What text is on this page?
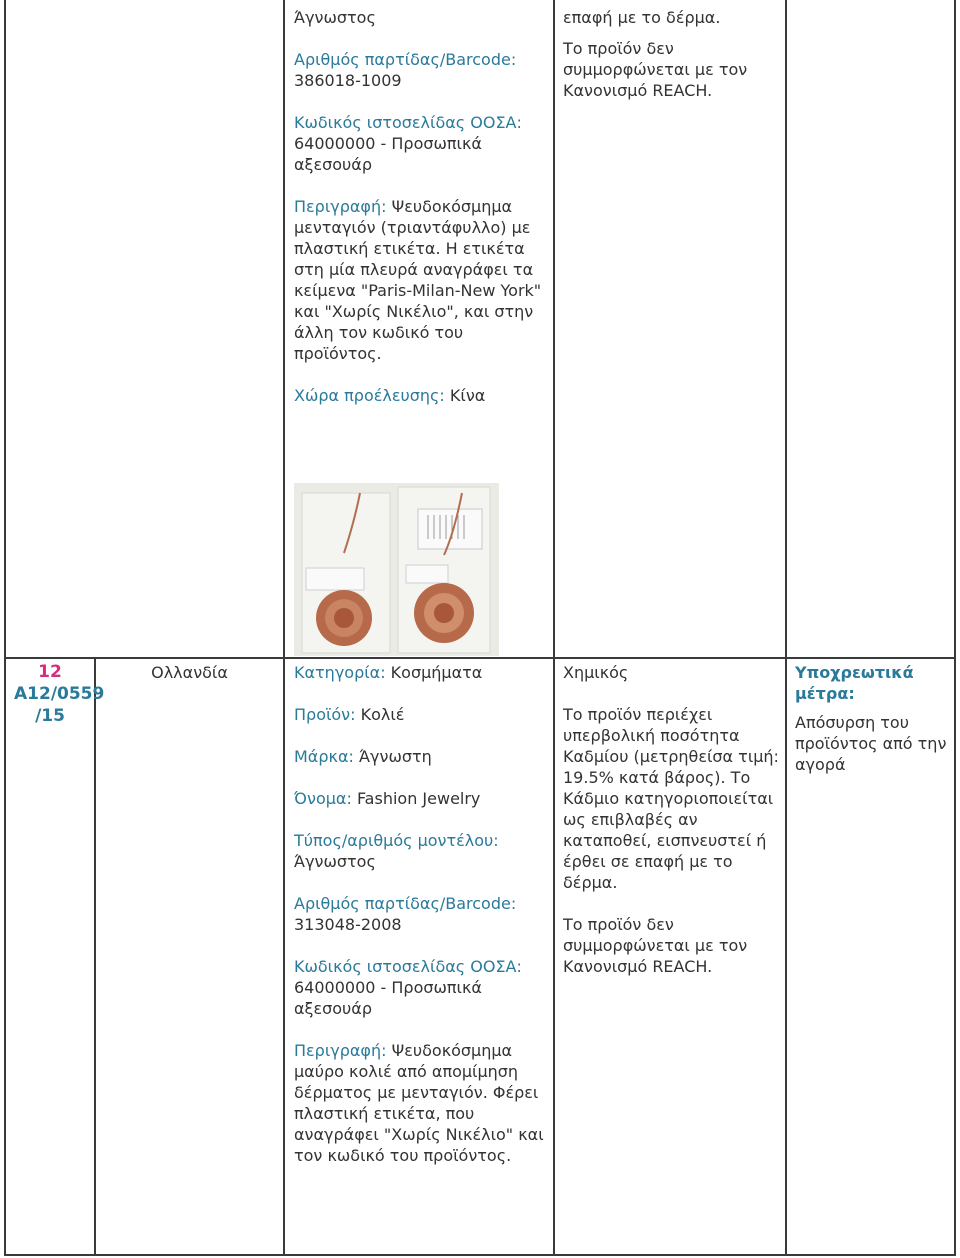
Άγνωστος

Αριθμός παρτίδας/Barcode:
386018-1009

Κωδικός ιστοσελίδας ΟΟΣΑ: 64000000 - Προσωπικά αξεσουάρ

Περιγραφή: Ψευδοκόσμημα μενταγιόν (τριαντάφυλλο) με πλαστική ετικέτα. Η ετικέτα στη μία πλευρά αναγράφει τα κείμενα "Paris-Milan-New York" και "Χωρίς Νικέλιο", και στην άλλη τον κωδικό του προϊόντος.

Χώρα προέλευσης: Κίνα

επαφή με το δέρμα.

Το προϊόν δεν συμμορφώνεται με τον Κανονισμό REACH.

12
A12/0559 /15
Ολλανδία	Κατηγορία: Κοσμήματα

Προϊόν: Κολιέ

Μάρκα: Άγνωστη

Όνομα: Fashion Jewelry

Τύπος/αριθμός μοντέλου:
Άγνωστος

Αριθμός παρτίδας/Barcode:
313048-2008

Κωδικός ιστοσελίδας ΟΟΣΑ: 64000000 - Προσωπικά αξεσουάρ

Περιγραφή: Ψευδοκόσμημα μαύρο κολιέ από απομίμηση δέρματος με μενταγιόν. Φέρει πλαστική ετικέτα, που αναγράφει "Χωρίς Νικέλιο" και τον κωδικό του προϊόντος.

Χημικός

Το προϊόν περιέχει υπερβολική ποσότητα Καδμίου (μετρηθείσα τιμή: 19.5% κατά βάρος). Το Κάδμιο κατηγοριοποιείται ως επιβλαβές αν καταποθεί, εισπνευστεί ή έρθει σε επαφή με το δέρμα.

Το προϊόν δεν συμμορφώνεται με τον Κανονισμό REACH.

Υποχρεωτικά μέτρα:

Απόσυρση του προϊόντος από την αγορά
